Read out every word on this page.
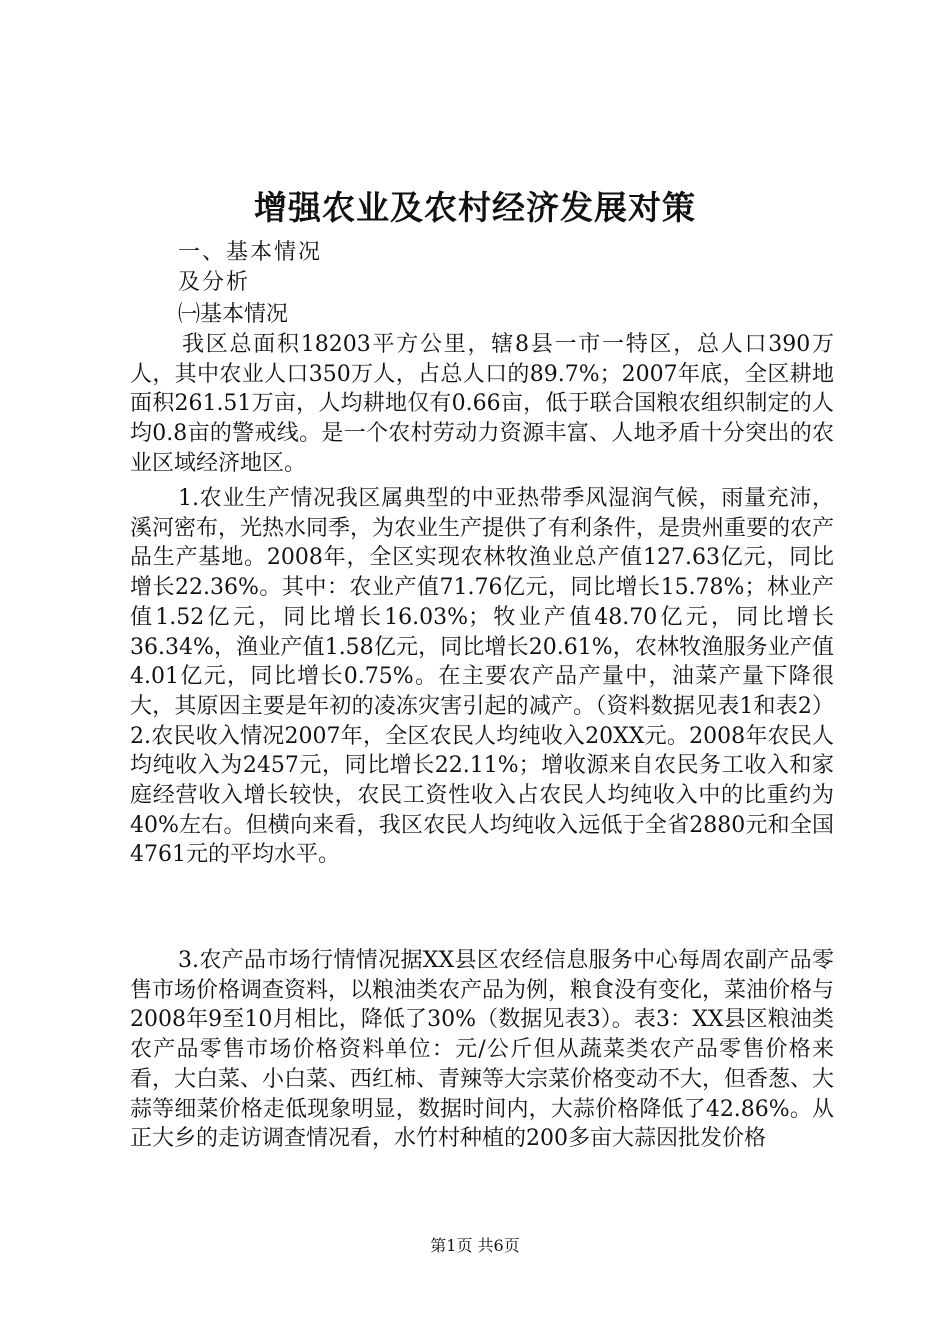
增强农业及农村经济发展对策
一、基本情况
及分析
㈠基本情况

我区总面积18203平方公里，辖8县一市一特区，总人口390万人，其中农业人口350万人，占总人口的89.7%；2007年底，全区耕地面积261.51万亩，人均耕地仅有0.66亩，低于联合国粮农组织制定的人均0.8亩的警戒线。是一个农村劳动力资源丰富、人地矛盾十分突出的农业区域经济地区。

1.农业生产情况我区属典型的中亚热带季风湿润气候，雨量充沛，溪河密布，光热水同季，为农业生产提供了有利条件，是贵州重要的农产品生产基地。2008年，全区实现农林牧渔业总产值127.63亿元，同比增长22.36%。其中：农业产值71.76亿元，同比增长15.78%；林业产值1.52亿元，同比增长16.03%；牧业产值48.70亿元，同比增长36.34%，渔业产值1.58亿元，同比增长20.61%，农林牧渔服务业产值4.01亿元，同比增长0.75%。在主要农产品产量中，油菜产量下降很大，其原因主要是年初的凌冻灾害引起的减产。（资料数据见表1和表2）2.农民收入情况2007年，全区农民人均纯收入20XX元。2008年农民人均纯收入为2457元，同比增长22.11%；增收源来自农民务工收入和家庭经营收入增长较快，农民工资性收入占农民人均纯收入中的比重约为40%左右。但横向来看，我区农民人均纯收入远低于全省2880元和全国4761元的平均水平。

3.农产品市场行情情况据XX县区农经信息服务中心每周农副产品零售市场价格调查资料，以粮油类农产品为例，粮食没有变化，菜油价格与2008年9至10月相比，降低了30%（数据见表3）。表3：XX县区粮油类农产品零售市场价格资料单位：元/公斤但从蔬菜类农产品零售价格来看，大白菜、小白菜、西红柿、青辣等大宗菜价格变动不大，但香葱、大蒜等细菜价格走低现象明显，数据时间内，大蒜价格降低了42.86%。从正大乡的走访调查情况看，水竹村种植的200多亩大蒜因批发价格

第1页 共6页
